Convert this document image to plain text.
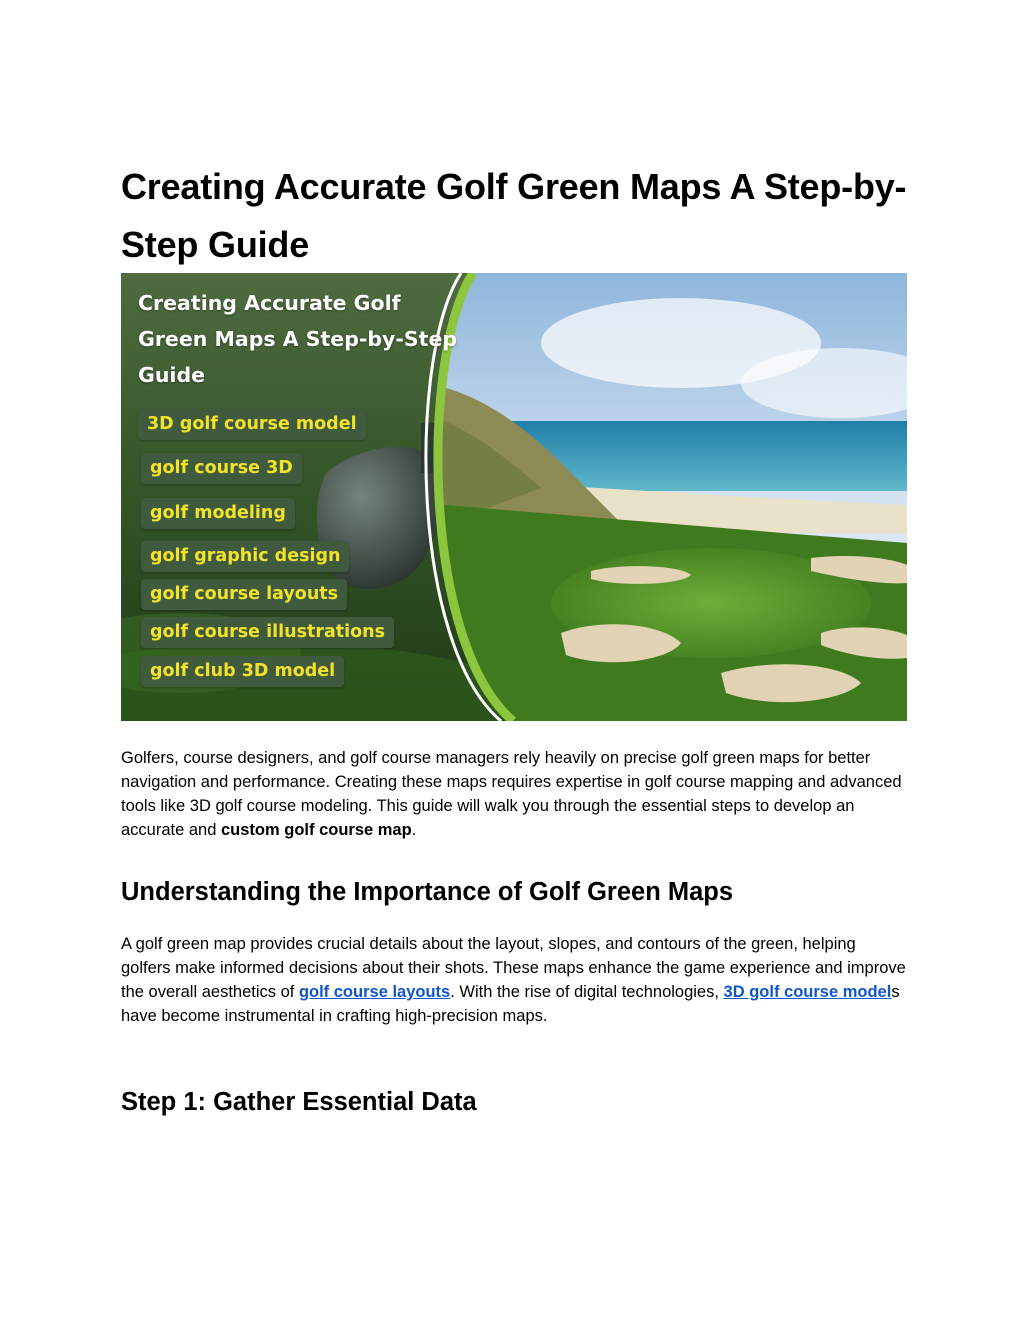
Creating Accurate Golf Green Maps A Step-by-Step Guide
Creating Accurate Golf Green Maps A Step-by-Step Guide
3D golf course model
golf course 3D
golf modeling
golf graphic design
golf course layouts
golf course illustrations
golf club 3D model

Golfers, course designers, and golf course managers rely heavily on precise golf green maps for better navigation and performance. Creating these maps requires expertise in golf course mapping and advanced tools like 3D golf course modeling. This guide will walk you through the essential steps to develop an accurate and custom golf course map.

Understanding the Importance of Golf Green Maps

A golf green map provides crucial details about the layout, slopes, and contours of the green, helping golfers make informed decisions about their shots. These maps enhance the game experience and improve the overall aesthetics of golf course layouts. With the rise of digital technologies, 3D golf course models have become instrumental in crafting high-precision maps.

Step 1: Gather Essential Data
